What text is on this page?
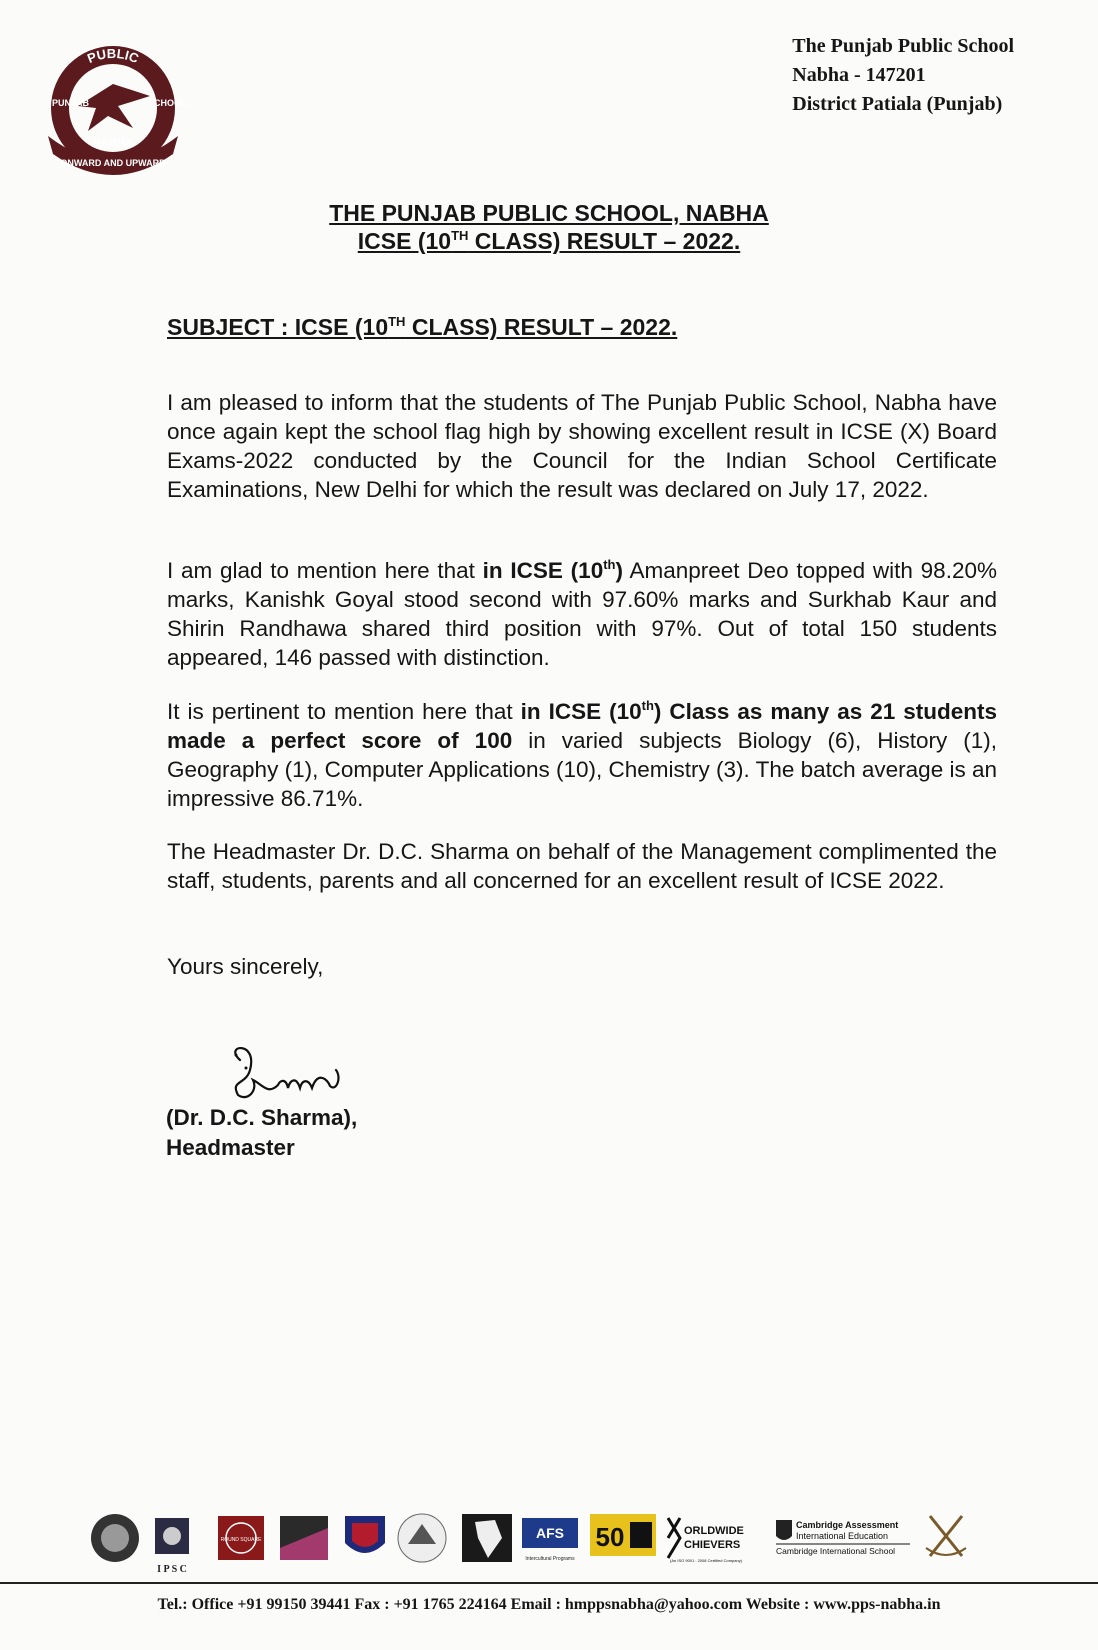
PUBLIC
ONWARD AND UPWARD
NABHA
PUNJAB	SCHOOL
The Punjab Public School
Nabha - 147201
District Patiala (Punjab)
THE PUNJAB PUBLIC SCHOOL, NABHA
ICSE (10TH CLASS) RESULT – 2022.
SUBJECT : ICSE (10TH CLASS) RESULT – 2022.

I am pleased to inform that the students of The Punjab Public School, Nabha have once again kept the school flag high by showing excellent result in ICSE (X) Board Exams-2022 conducted by the Council for the Indian School Certificate Examinations, New Delhi for which the result was declared on July 17, 2022.

I am glad to mention here that in ICSE (10th) Amanpreet Deo topped with 98.20% marks, Kanishk Goyal stood second with 97.60% marks and Surkhab Kaur and Shirin Randhawa shared third position with 97%. Out of total 150 students appeared, 146 passed with distinction.

It is pertinent to mention here that in ICSE (10th) Class as many as 21 students made a perfect score of 100 in varied subjects Biology (6), History (1), Geography (1), Computer Applications (10), Chemistry (3). The batch average is an impressive 86.71%.

The Headmaster Dr. D.C. Sharma on behalf of the Management complimented the staff, students, parents and all concerned for an excellent result of ICSE 2022.

Yours sincerely,

(Dr. D.C. Sharma),
Headmaster
I P S C
ROUND SQUARE	AFS
Intercultural Programs
50	ORLDWIDE
CHIEVERS
(An ISO 9001 : 2008 Certified Company)
Cambridge Assessment
International Education
Cambridge International School
Tel.: Office +91 99150 39441 Fax : +91 1765 224164 Email : hmppsnabha@yahoo.com Website : www.pps-nabha.in
